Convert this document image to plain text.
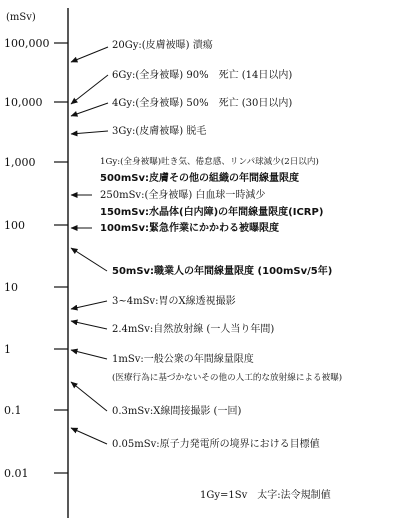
(mSv)
100,000
10,000
1,000
100
10
1
0.1
0.01
20Gy:(皮膚被曝) 潰瘍
6Gy:(全身被曝) 90%　死亡 (14日以内)
4Gy:(全身被曝) 50%　死亡 (30日以内)
3Gy:(皮膚被曝) 脱毛
1Gy:(全身被曝)吐き気、倦怠感、リンパ球減少(2日以内)
500mSv:皮膚その他の組織の年間線量限度
250mSv:(全身被曝) 白血球一時減少
150mSv:水晶体(白内障)の年間線量限度(ICRP)
100mSv:緊急作業にかかわる被曝限度
50mSv:職業人の年間線量限度 (100mSv/5年)
3~4mSv:胃のX線透視撮影
2.4mSv:自然放射線 (一人当り年間)
1mSv:一般公衆の年間線量限度
(医療行為に基づかないその他の人工的な放射線による被曝)
0.3mSv:X線間接撮影 (一回)
0.05mSv:原子力発電所の境界における目標値
1Gy=1Sv　太字:法令規制値
